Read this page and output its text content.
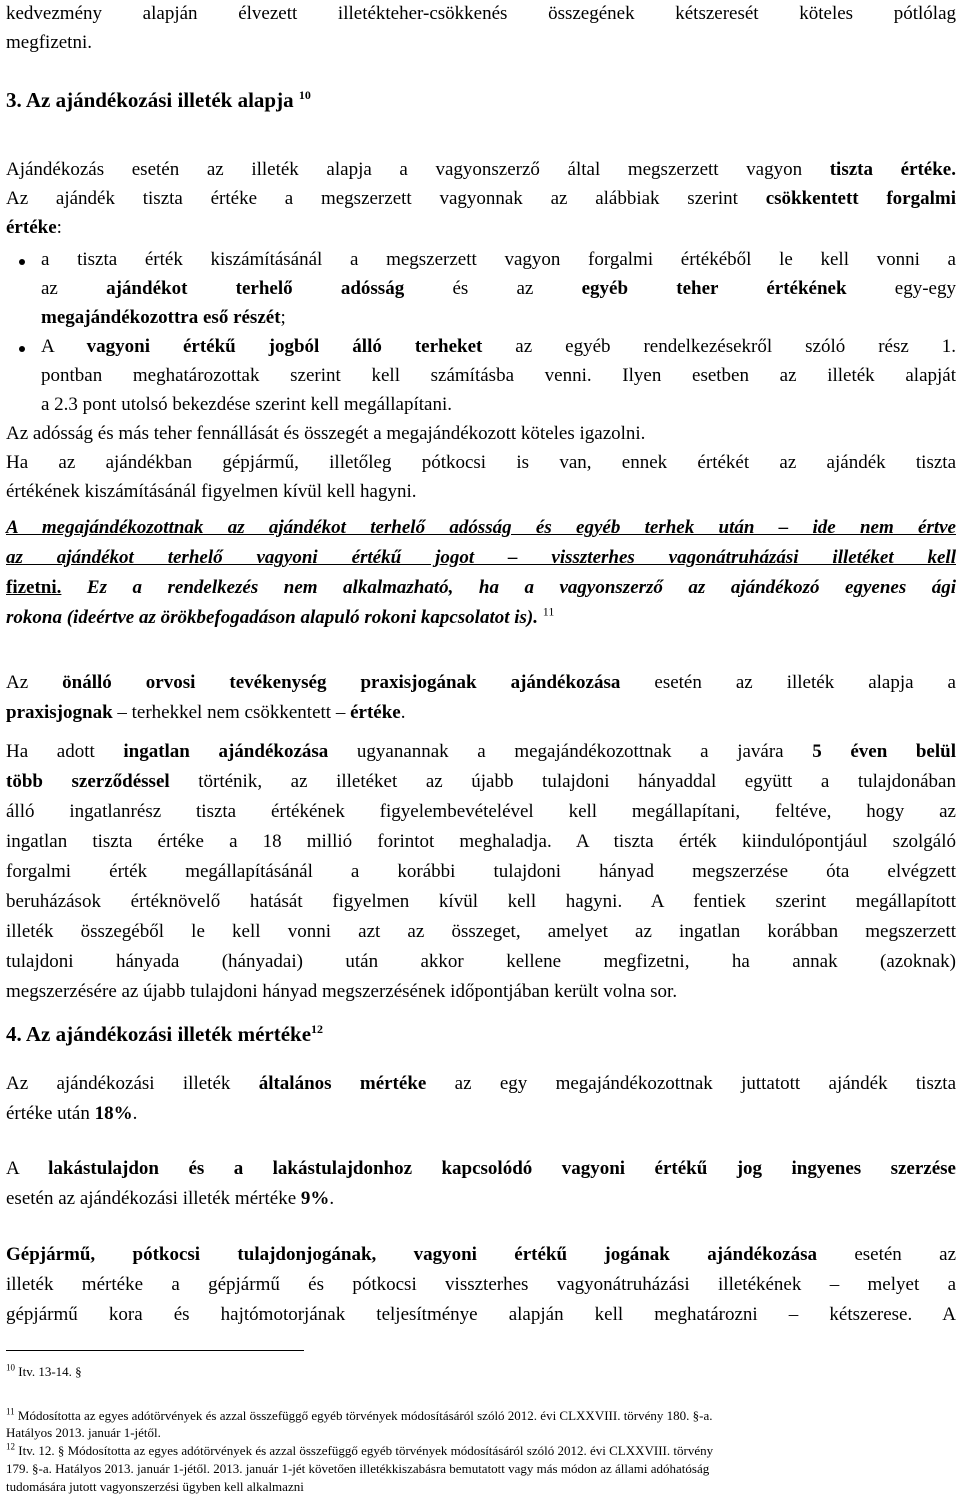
kedvezmény alapján élvezett illetékteher-csökkenés összegének kétszeresét köteles pótlólag
megfizetni.
3. Az ajándékozási illeték alapja $^{10}$
Ajándékozás esetén az illeték alapja a vagyonszerző által megszerzett vagyon tiszta értéke.
Az ajándék tiszta értéke a megszerzett vagyonnak az alábbiak szerint csökkentett forgalmi
értéke:
a tiszta érték kiszámításánál a megszerzett vagyon forgalmi értékéből le kell vonni a
az ajándékot terhelő adósság és az egyéb teher értékének egy-egy
megajándékozottra eső részét;
A vagyoni értékű jogból álló terheket az egyéb rendelkezésekről szóló rész 1.
pontban meghatározottak szerint kell számításba venni. Ilyen esetben az illeték alapját
a 2.3 pont utolsó bekezdése szerint kell megállapítani.
Az adósság és más teher fennállását és összegét a megajándékozott köteles igazolni.
Ha az ajándékban gépjármű, illetőleg pótkocsi is van, ennek értékét az ajándék tiszta
értékének kiszámításánál figyelmen kívül kell hagyni.
A megajándékozottnak az ajándékot terhelő adósság és egyéb terhek után – ide nem értve
az ajándékot terhelő vagyoni értékű jogot – visszterhes vagonátruházási illetéket kell
fizetni. Ez a rendelkezés nem alkalmazható, ha a vagyonszerző az ajándékozó egyenes ági
rokona (ideértve az örökbefogadáson alapuló rokoni kapcsolatot is). $^{11}$
Az önálló orvosi tevékenység praxisjogának ajándékozása esetén az illeték alapja a
praxisjognak – terhekkel nem csökkentett – értéke.
Ha adott ingatlan ajándékozása ugyanannak a megajándékozottnak a javára 5 éven belül
több szerződéssel történik, az illetéket az újabb tulajdoni hányaddal együtt a tulajdonában
álló ingatlanrész tiszta értékének figyelembevételével kell megállapítani, feltéve, hogy az
ingatlan tiszta értéke a 18 millió forintot meghaladja. A tiszta érték kiindulópontjául szolgáló
forgalmi érték megállapításánál a korábbi tulajdoni hányad megszerzése óta elvégzett
beruházások értéknövelő hatását figyelmen kívül kell hagyni. A fentiek szerint megállapított
illeték összegéből le kell vonni azt az összeget, amelyet az ingatlan korábban megszerzett
tulajdoni hányada (hányadai) után akkor kellene megfizetni, ha annak (azoknak)
megszerzésére az újabb tulajdoni hányad megszerzésének időpontjában került volna sor.
4. Az ajándékozási illeték mértéke$^{12}$
Az ajándékozási illeték általános mértéke az egy megajándékozottnak juttatott ajándék tiszta
értéke után 18%.
A lakástulajdon és a lakástulajdonhoz kapcsolódó vagyoni értékű jog ingyenes szerzése
esetén az ajándékozási illeték mértéke 9%.
Gépjármű, pótkocsi tulajdonjogának, vagyoni értékű jogának ajándékozása esetén az
illeték mértéke a gépjármű és pótkocsi visszterhes vagyonátruházási illetékének – melyet a
gépjármű kora és hajtómotorjának teljesítménye alapján kell meghatározni – kétszerese. A
$^{10}$ Itv. 13-14. §
$^{11}$ Módosította az egyes adótörvények és azzal összefüggő egyéb törvények módosításáról szóló 2012. évi CLXXVIII. törvény 180. §-a.
Hatályos 2013. január 1-jétől.
$^{12}$ Itv. 12. § Módosította az egyes adótörvények és azzal összefüggő egyéb törvények módosításáról szóló 2012. évi CLXXVIII. törvény
179. §-a. Hatályos 2013. január 1-jétől. 2013. január 1-jét követően illetékkiszabásra bemutatott vagy más módon az állami adóhatóság
tudomására jutott vagyonszerzési ügyben kell alkalmazni
